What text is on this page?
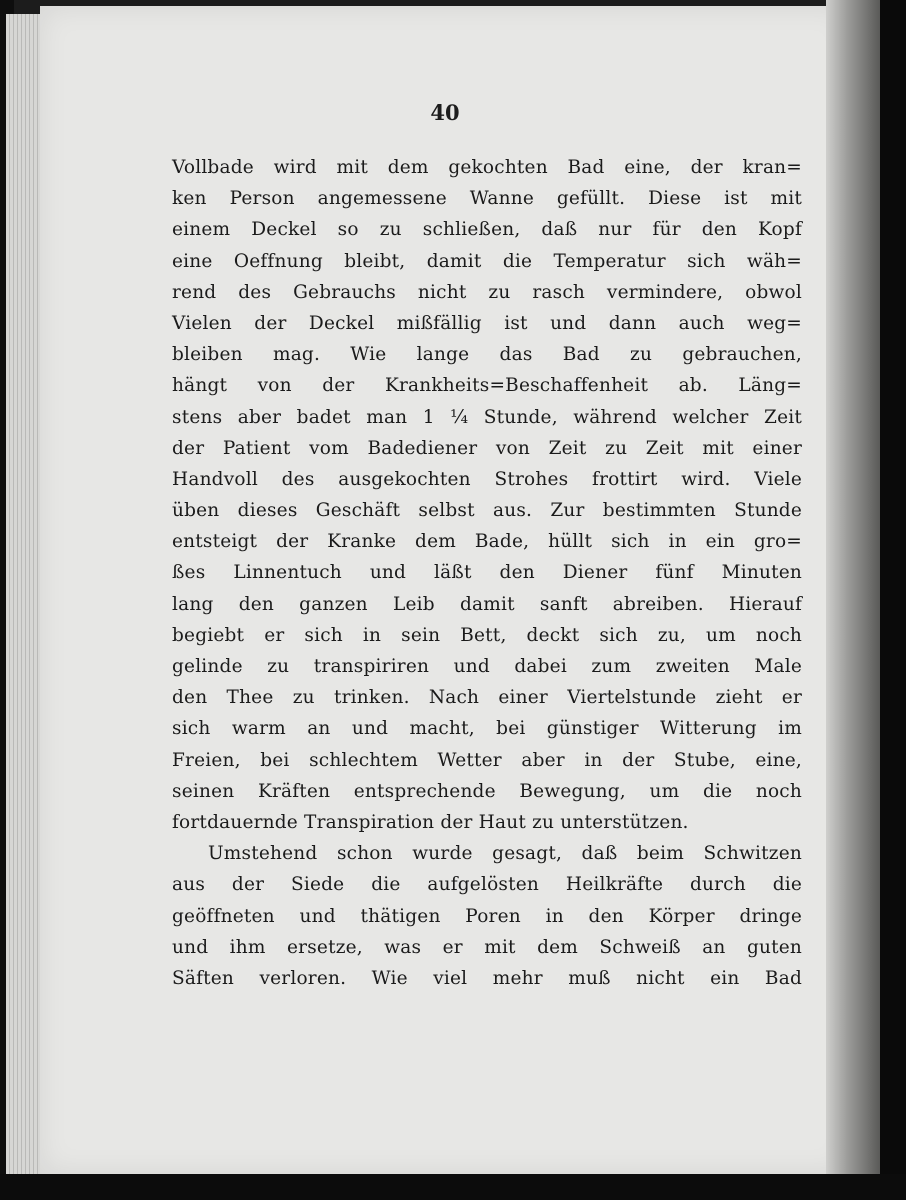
40
Vollbade wird mit dem gekochten Bad eine, der kran=
ken Person angemessene Wanne gefüllt. Diese ist mit
einem Deckel so zu schließen, daß nur für den Kopf
eine Oeffnung bleibt, damit die Temperatur sich wäh=
rend des Gebrauchs nicht zu rasch vermindere, obwol
Vielen der Deckel mißfällig ist und dann auch weg=
bleiben mag. Wie lange das Bad zu gebrauchen,
hängt von der Krankheits=Beschaffenheit ab. Läng=
stens aber badet man 1 ¼ Stunde, während welcher Zeit
der Patient vom Badediener von Zeit zu Zeit mit einer
Handvoll des ausgekochten Strohes frottirt wird. Viele
üben dieses Geschäft selbst aus. Zur bestimmten Stunde
entsteigt der Kranke dem Bade, hüllt sich in ein gro=
ßes Linnentuch und läßt den Diener fünf Minuten
lang den ganzen Leib damit sanft abreiben. Hierauf
begiebt er sich in sein Bett, deckt sich zu, um noch
gelinde zu transpiriren und dabei zum zweiten Male
den Thee zu trinken. Nach einer Viertelstunde zieht er
sich warm an und macht, bei günstiger Witterung im
Freien, bei schlechtem Wetter aber in der Stube, eine,
seinen Kräften entsprechende Bewegung, um die noch
fortdauernde Transpiration der Haut zu unterstützen.
Umstehend schon wurde gesagt, daß beim Schwitzen
aus der Siede die aufgelösten Heilkräfte durch die
geöffneten und thätigen Poren in den Körper dringe
und ihm ersetze, was er mit dem Schweiß an guten
Säften verloren. Wie viel mehr muß nicht ein Bad
